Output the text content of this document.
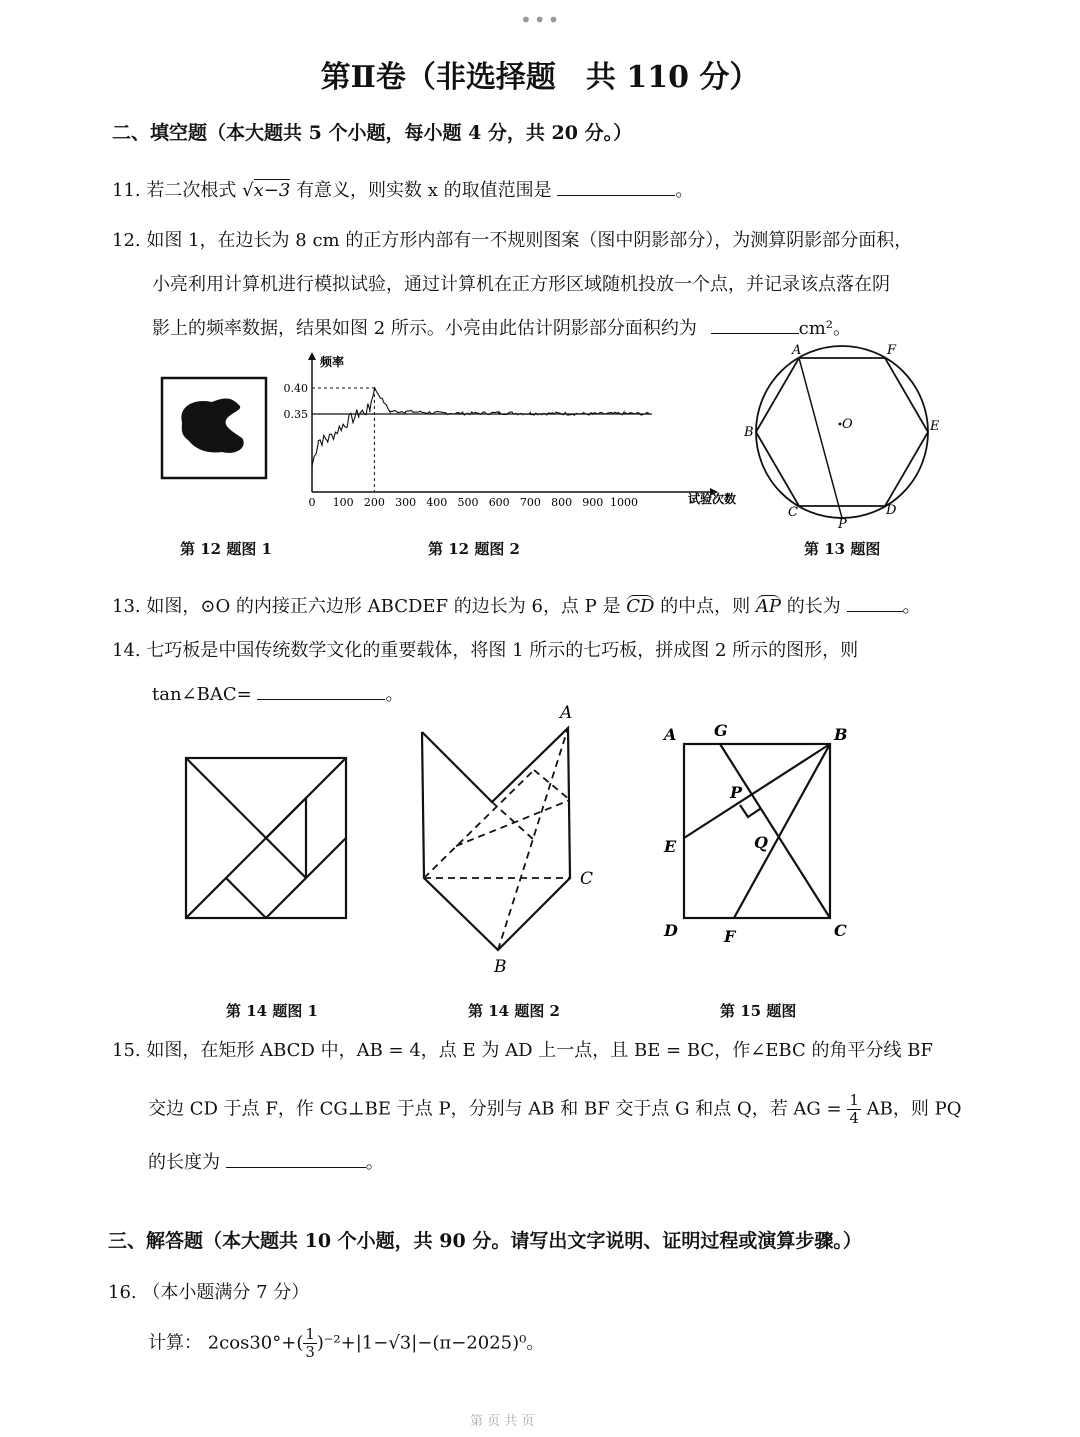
•••
第Ⅱ卷（非选择题　共 110 分）
二、填空题（本大题共 5 个小题，每小题 4 分，共 20 分。）
11. 若二次根式 √x−3 有意义，则实数 x 的取值范围是	。
12. 如图 1，在边长为 8 cm 的正方形内部有一不规则图案（图中阴影部分），为测算阴影部分面积，
小亮利用计算机进行模拟试验，通过计算机在正方形区域随机投放一个点，并记录该点落在阴
影上的频率数据，结果如图 2 所示。小亮由此估计阴影部分面积约为	cm²。
频率
试验次数
0 100 200 300 400 500 600 700 800 900 1000
0.40
0.35
A	F
E
D
P
C
B
O
第 12 题图 1	第 12 题图 2	第 13 题图
13. 如图，⊙O 的内接正六边形 ABCDEF 的边长为 6，点 P 是 CD 的中点，则 AP 的长为	。
14. 七巧板是中国传统数学文化的重要载体，将图 1 所示的七巧板，拼成图 2 所示的图形，则
tan∠BAC=	。
A
C
B
A G	B
P
E	Q
D	F	C
第 14 题图 1	第 14 题图 2	第 15 题图
15. 如图，在矩形 ABCD 中，AB = 4，点 E 为 AD 上一点，且 BE = BC，作∠EBC 的角平分线 BF
交边 CD 于点 F，作 CG⊥BE 于点 P，分别与 AB 和 BF 交于点 G 和点 Q，若 AG = $\frac{1}{4}$ AB，则 PQ
的长度为	。
三、解答题（本大题共 10 个小题，共 90 分。请写出文字说明、证明过程或演算步骤。）
16. （本小题满分 7 分）
计算： $2\cos 30^\circ+( \frac{1}{3} )^{-2}+|1-√3|-(\pi-2025)^0$。
第 页 共 页
